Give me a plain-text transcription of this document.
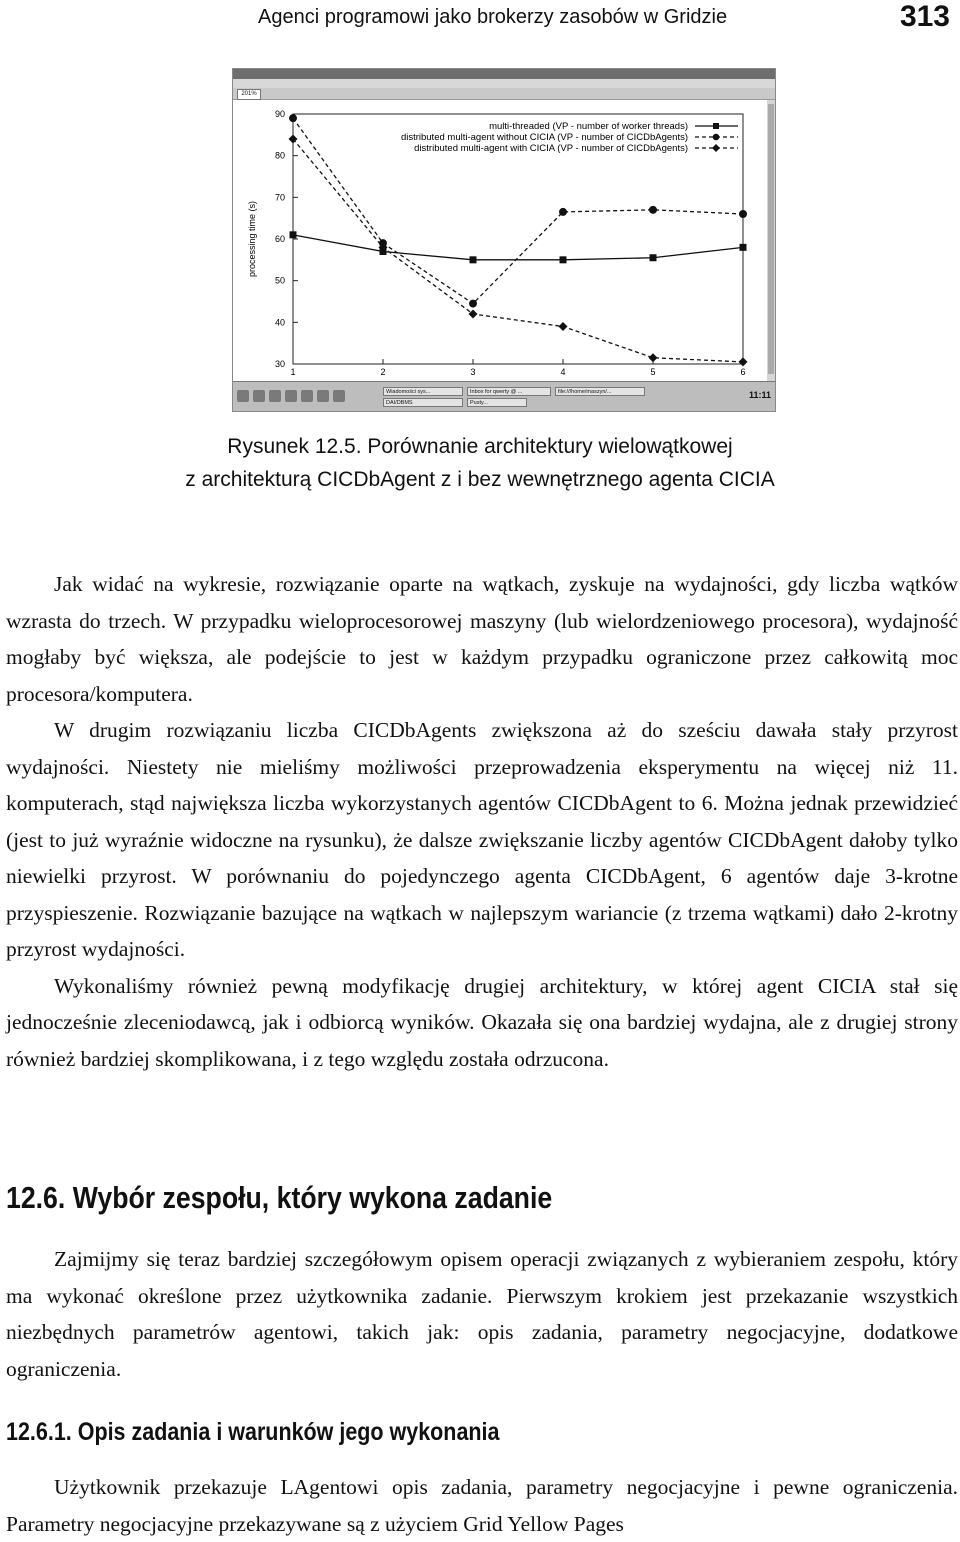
Agenci programowi jako brokerzy zasobów w Gridzie	313
201%
30
40
50
60
70
80
90
1	2	3	4	5	6
processing time (s)
multi-threaded (VP - number of worker threads)
distributed multi-agent without CICIA (VP - number of CICDbAgents)
distributed multi-agent with CICIA (VP - number of CICDbAgents)
Wiadomości sys...	Inbox for qwerty @ ...	file:///home/maszyn/...
DAI/DBMS	Pusty...
11:11
Rysunek 12.5. Porównanie architektury wielowątkowej
z architekturą CICDbAgent z i bez wewnętrznego agenta CICIA

Jak widać na wykresie, rozwiązanie oparte na wątkach, zyskuje na wydajności, gdy liczba wątków wzrasta do trzech. W przypadku wieloprocesorowej maszyny (lub wielordzeniowego procesora), wydajność mogłaby być większa, ale podejście to jest w każdym przypadku ograniczone przez całkowitą moc procesora/komputera.

W drugim rozwiązaniu liczba CICDbAgents zwiększona aż do sześciu dawała stały przyrost wydajności. Niestety nie mieliśmy możliwości przeprowadzenia eksperymentu na więcej niż 11. komputerach, stąd największa liczba wykorzystanych agentów CICDbAgent to 6. Można jednak przewidzieć (jest to już wyraźnie widoczne na rysunku), że dalsze zwiększanie liczby agentów CICDbAgent dałoby tylko niewielki przyrost. W porównaniu do pojedynczego agenta CICDbAgent, 6 agentów daje 3-krotne przyspieszenie. Rozwiązanie bazujące na wątkach w najlepszym wariancie (z trzema wątkami) dało 2-krotny przyrost wydajności.

Wykonaliśmy również pewną modyfikację drugiej architektury, w której agent CICIA stał się jednocześnie zleceniodawcą, jak i odbiorcą wyników. Okazała się ona bardziej wydajna, ale z drugiej strony również bardziej skomplikowana, i z tego względu została odrzucona.

12.6. Wybór zespołu, który wykona zadanie

Zajmijmy się teraz bardziej szczegółowym opisem operacji związanych z wybieraniem zespołu, który ma wykonać określone przez użytkownika zadanie. Pierwszym krokiem jest przekazanie wszystkich niezbędnych parametrów agentowi, takich jak: opis zadania, parametry negocjacyjne, dodatkowe ograniczenia.

12.6.1. Opis zadania i warunków jego wykonania

Użytkownik przekazuje LAgentowi opis zadania, parametry negocjacyjne i pewne ograniczenia. Parametry negocjacyjne przekazywane są z użyciem Grid Yellow Pages
